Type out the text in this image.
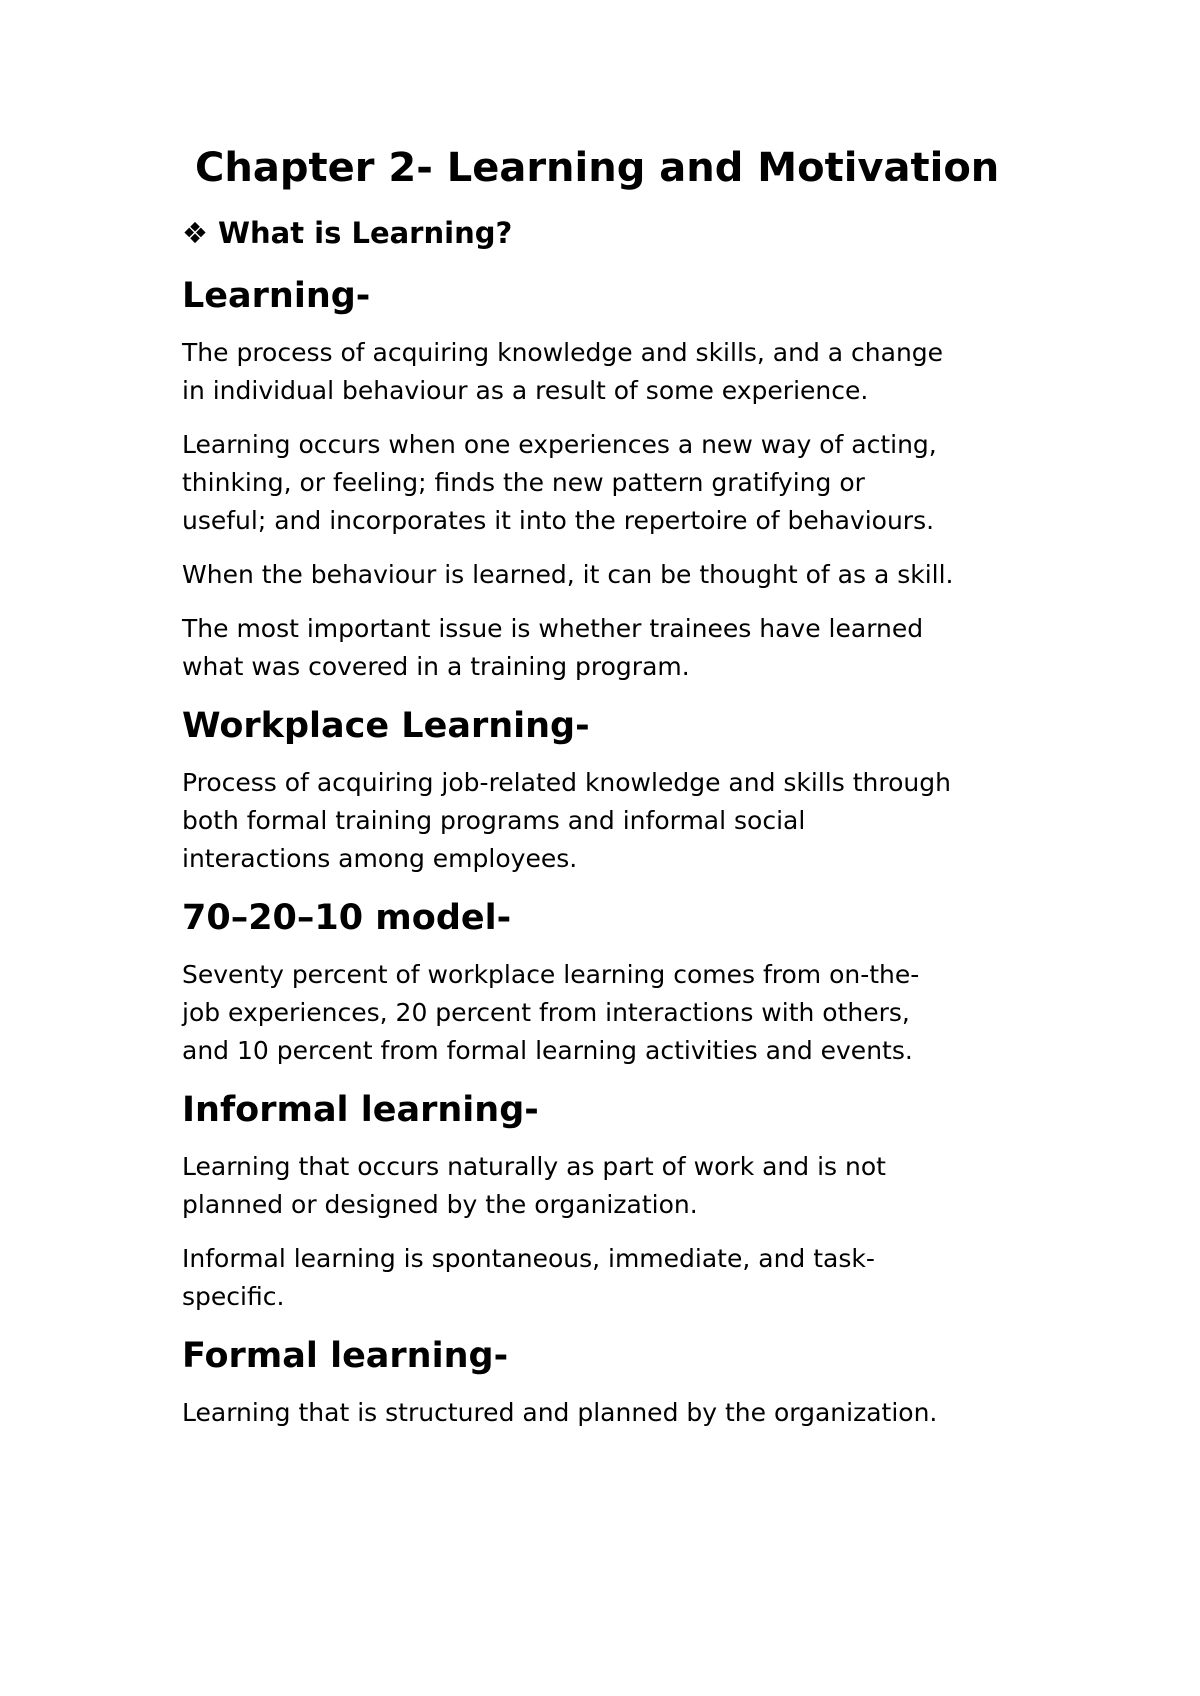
Chapter 2- Learning and Motivation
❖ What is Learning?
Learning-

The process of acquiring knowledge and skills, and a change
in individual behaviour as a result of some experience.

Learning occurs when one experiences a new way of acting,
thinking, or feeling; finds the new pattern gratifying or
useful; and incorporates it into the repertoire of behaviours.

When the behaviour is learned, it can be thought of as a skill.

The most important issue is whether trainees have learned
what was covered in a training program.

Workplace Learning-

Process of acquiring job-related knowledge and skills through
both formal training programs and informal social
interactions among employees.

70–20–10 model-

Seventy percent of workplace learning comes from on-the-
job experiences, 20 percent from interactions with others,
and 10 percent from formal learning activities and events.

Informal learning-

Learning that occurs naturally as part of work and is not
planned or designed by the organization.

Informal learning is spontaneous, immediate, and task-
specific.

Formal learning-

Learning that is structured and planned by the organization.
